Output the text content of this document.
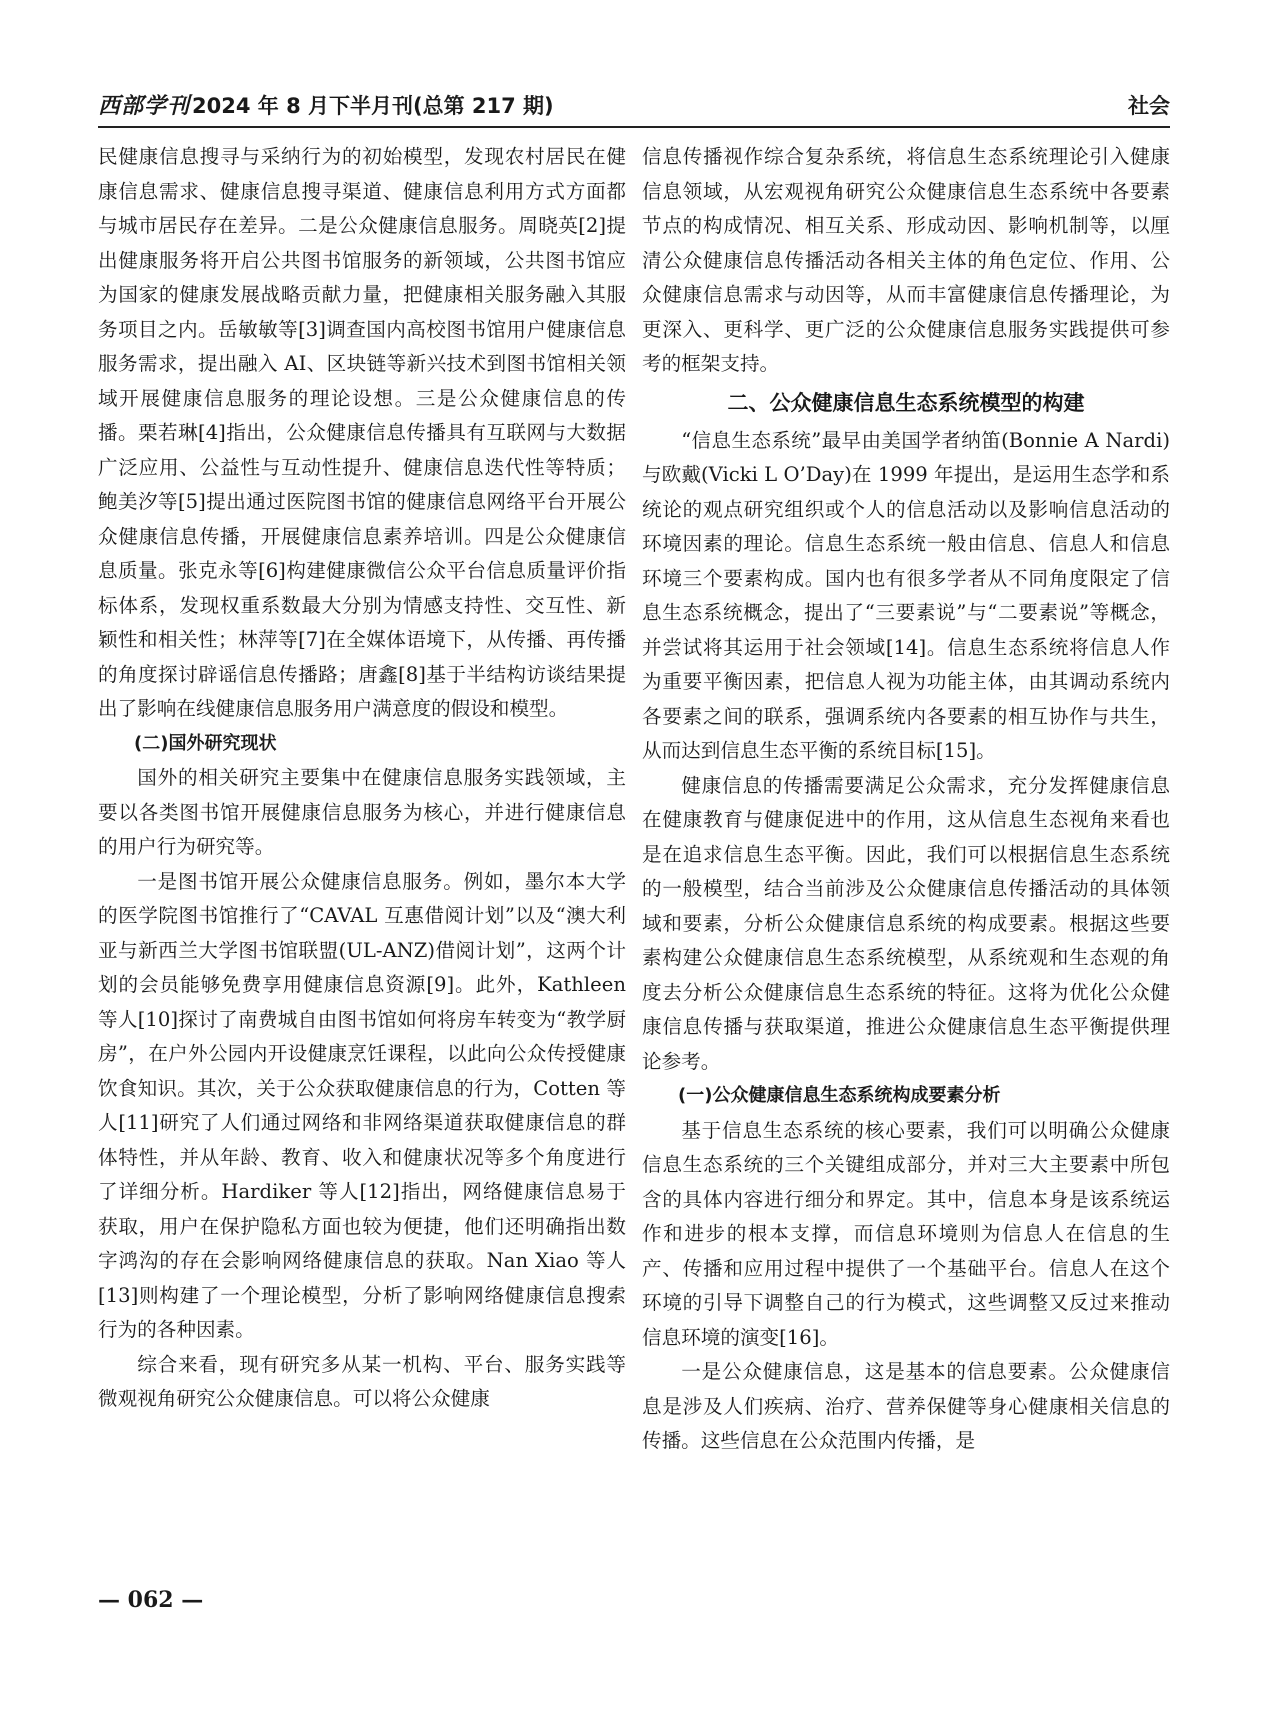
西部学刊 2024 年 8 月下半月刊(总第 217 期)	社会

民健康信息搜寻与采纳行为的初始模型，发现农村居民在健康信息需求、健康信息搜寻渠道、健康信息利用方式方面都与城市居民存在差异。二是公众健康信息服务。周晓英[2]提出健康服务将开启公共图书馆服务的新领域，公共图书馆应为国家的健康发展战略贡献力量，把健康相关服务融入其服务项目之内。岳敏敏等[3]调查国内高校图书馆用户健康信息服务需求，提出融入 AI、区块链等新兴技术到图书馆相关领域开展健康信息服务的理论设想。三是公众健康信息的传播。栗若琳[4]指出，公众健康信息传播具有互联网与大数据广泛应用、公益性与互动性提升、健康信息迭代性等特质；鲍美汐等[5]提出通过医院图书馆的健康信息网络平台开展公众健康信息传播，开展健康信息素养培训。四是公众健康信息质量。张克永等[6]构建健康微信公众平台信息质量评价指标体系，发现权重系数最大分别为情感支持性、交互性、新颖性和相关性；林萍等[7]在全媒体语境下，从传播、再传播的角度探讨辟谣信息传播路；唐鑫[8]基于半结构访谈结果提出了影响在线健康信息服务用户满意度的假设和模型。

(二)国外研究现状

国外的相关研究主要集中在健康信息服务实践领域，主要以各类图书馆开展健康信息服务为核心，并进行健康信息的用户行为研究等。

一是图书馆开展公众健康信息服务。例如，墨尔本大学的医学院图书馆推行了“CAVAL 互惠借阅计划”以及“澳大利亚与新西兰大学图书馆联盟(UL-ANZ)借阅计划”，这两个计划的会员能够免费享用健康信息资源[9]。此外，Kathleen 等人[10]探讨了南费城自由图书馆如何将房车转变为“教学厨房”，在户外公园内开设健康烹饪课程，以此向公众传授健康饮食知识。其次，关于公众获取健康信息的行为，Cotten 等人[11]研究了人们通过网络和非网络渠道获取健康信息的群体特性，并从年龄、教育、收入和健康状况等多个角度进行了详细分析。Hardiker 等人[12]指出，网络健康信息易于获取，用户在保护隐私方面也较为便捷，他们还明确指出数字鸿沟的存在会影响网络健康信息的获取。Nan Xiao 等人[13]则构建了一个理论模型，分析了影响网络健康信息搜索行为的各种因素。

综合来看，现有研究多从某一机构、平台、服务实践等微观视角研究公众健康信息。可以将公众健康

信息传播视作综合复杂系统，将信息生态系统理论引入健康信息领域，从宏观视角研究公众健康信息生态系统中各要素节点的构成情况、相互关系、形成动因、影响机制等，以厘清公众健康信息传播活动各相关主体的角色定位、作用、公众健康信息需求与动因等，从而丰富健康信息传播理论，为更深入、更科学、更广泛的公众健康信息服务实践提供可参考的框架支持。

二、公众健康信息生态系统模型的构建

“信息生态系统”最早由美国学者纳笛(Bonnie A Nardi)与欧戴(Vicki L O’Day)在 1999 年提出，是运用生态学和系统论的观点研究组织或个人的信息活动以及影响信息活动的环境因素的理论。信息生态系统一般由信息、信息人和信息环境三个要素构成。国内也有很多学者从不同角度限定了信息生态系统概念，提出了“三要素说”与“二要素说”等概念，并尝试将其运用于社会领域[14]。信息生态系统将信息人作为重要平衡因素，把信息人视为功能主体，由其调动系统内各要素之间的联系，强调系统内各要素的相互协作与共生，从而达到信息生态平衡的系统目标[15]。

健康信息的传播需要满足公众需求，充分发挥健康信息在健康教育与健康促进中的作用，这从信息生态视角来看也是在追求信息生态平衡。因此，我们可以根据信息生态系统的一般模型，结合当前涉及公众健康信息传播活动的具体领域和要素，分析公众健康信息系统的构成要素。根据这些要素构建公众健康信息生态系统模型，从系统观和生态观的角度去分析公众健康信息生态系统的特征。这将为优化公众健康信息传播与获取渠道，推进公众健康信息生态平衡提供理论参考。

(一)公众健康信息生态系统构成要素分析

基于信息生态系统的核心要素，我们可以明确公众健康信息生态系统的三个关键组成部分，并对三大主要素中所包含的具体内容进行细分和界定。其中，信息本身是该系统运作和进步的根本支撑，而信息环境则为信息人在信息的生产、传播和应用过程中提供了一个基础平台。信息人在这个环境的引导下调整自己的行为模式，这些调整又反过来推动信息环境的演变[16]。

一是公众健康信息，这是基本的信息要素。公众健康信息是涉及人们疾病、治疗、营养保健等身心健康相关信息的传播。这些信息在公众范围内传播，是

— 062 —
